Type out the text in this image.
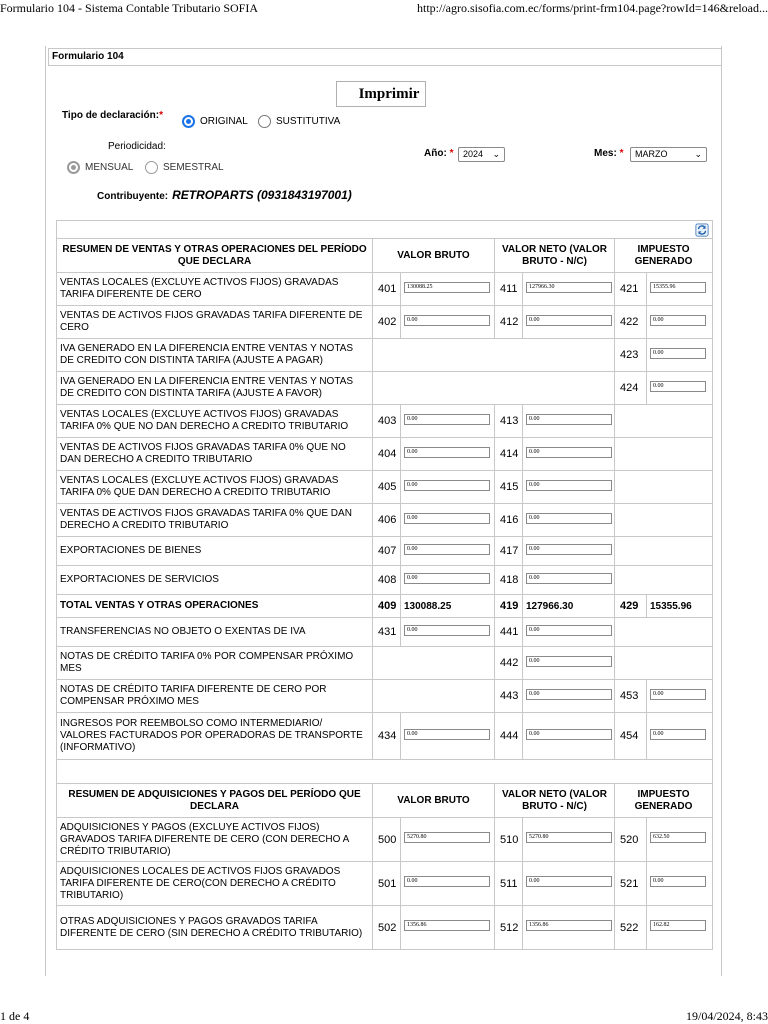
Formulario 104 - Sistema Contable Tributario SOFIA	http://agro.sisofia.com.ec/forms/print-frm104.page?rowId=146&reload...
Formulario 104
Imprimir
Tipo de declaración:*
ORIGINAL	SUSTITUTIVA
Periodicidad:
MENSUAL	SEMESTRAL
Año: *	2024 ⌄	Mes: *	MARZO	⌄
Contribuyente: RETROPARTS (0931843197001)

RESUMEN DE VENTAS Y OTRAS OPERACIONES DEL PERÍODO QUE DECLARA	VALOR BRUTO		VALOR NETO (VALOR BRUTO - N/C)		IMPUESTO GENERADO	
VENTAS LOCALES (EXCLUYE ACTIVOS FIJOS) GRAVADAS TARIFA DIFERENTE DE CERO	401	130088.25	411	127966.30	421	15355.96

VENTAS DE ACTIVOS FIJOS GRAVADAS TARIFA DIFERENTE DE CERO	402	0.00	412	0.00	422	0.00

IVA GENERADO EN LA DIFERENCIA ENTRE VENTAS Y NOTAS DE CREDITO CON DISTINTA TARIFA (AJUSTE A PAGAR)					423	0.00

IVA GENERADO EN LA DIFERENCIA ENTRE VENTAS Y NOTAS DE CREDITO CON DISTINTA TARIFA (AJUSTE A FAVOR)					424	0.00

VENTAS LOCALES (EXCLUYE ACTIVOS FIJOS) GRAVADAS TARIFA 0% QUE NO DAN DERECHO A CREDITO TRIBUTARIO	403	0.00	413	0.00		

VENTAS DE ACTIVOS FIJOS GRAVADAS TARIFA 0% QUE NO DAN DERECHO A CREDITO TRIBUTARIO	404	0.00	414	0.00		

VENTAS LOCALES (EXCLUYE ACTIVOS FIJOS) GRAVADAS TARIFA 0% QUE DAN DERECHO A CREDITO TRIBUTARIO	405	0.00	415	0.00		

VENTAS DE ACTIVOS FIJOS GRAVADAS TARIFA 0% QUE DAN DERECHO A CREDITO TRIBUTARIO	406	0.00	416	0.00		

EXPORTACIONES DE BIENES	407	0.00	417	0.00		

EXPORTACIONES DE SERVICIOS	408	0.00	418	0.00		

TOTAL VENTAS Y OTRAS OPERACIONES	409	130088.25	419	127966.30	429	15355.96
TRANSFERENCIAS NO OBJETO O EXENTAS DE IVA	431	0.00	441	0.00		

NOTAS DE CRÉDITO TARIFA 0% POR COMPENSAR PRÓXIMO MES			442	0.00		

NOTAS DE CRÉDITO TARIFA DIFERENTE DE CERO POR COMPENSAR PRÓXIMO MES			443	0.00	453	0.00

INGRESOS POR REEMBOLSO COMO INTERMEDIARIO/ VALORES FACTURADOS POR OPERADORAS DE TRANSPORTE (INFORMATIVO)	434	0.00	444	0.00	454	0.00

RESUMEN DE ADQUISICIONES Y PAGOS DEL PERÍODO QUE DECLARA	VALOR BRUTO		VALOR NETO (VALOR BRUTO - N/C)		IMPUESTO GENERADO	
ADQUISICIONES Y PAGOS (EXCLUYE ACTIVOS FIJOS) GRAVADOS TARIFA DIFERENTE DE CERO (CON DERECHO A CRÉDITO TRIBUTARIO)	500	5270.80	510	5270.80	520	632.50

ADQUISICIONES LOCALES DE ACTIVOS FIJOS GRAVADOS TARIFA DIFERENTE DE CERO(CON DERECHO A CRÉDITO TRIBUTARIO)	501	0.00	511	0.00	521	0.00

OTRAS ADQUISICIONES Y PAGOS GRAVADOS TARIFA DIFERENTE DE CERO (SIN DERECHO A CRÉDITO TRIBUTARIO)	502	1356.86	512	1356.86	522	162.82
1 de 4	19/04/2024, 8:43
